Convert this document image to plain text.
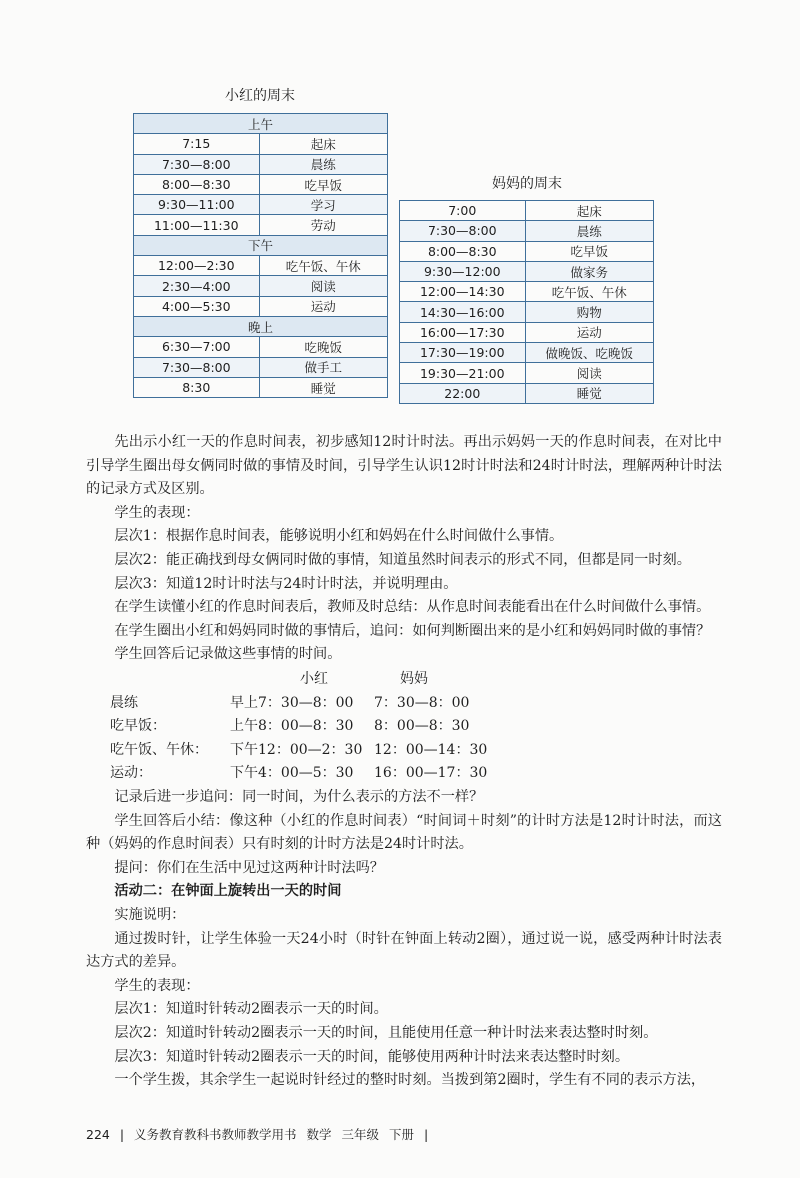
小红的周末
上午	
7:15	起床
7:30—8:00	晨练
8:00—8:30	吃早饭
9:30—11:00	学习
11:00—11:30	劳动
下午	
12:00—2:30	吃午饭、午休
2:30—4:00	阅读
4:00—5:30	运动
晚上	
6:30—7:00	吃晚饭
7:30—8:00	做手工
8:30	睡觉
妈妈的周末
7:00	起床
7:30—8:00	晨练
8:00—8:30	吃早饭
9:30—12:00	做家务
12:00—14:30	吃午饭、午休
14:30—16:00	购物
16:00—17:30	运动
17:30—19:00	做晚饭、吃晚饭
19:30—21:00	阅读
22:00	睡觉

先出示小红一天的作息时间表，初步感知12时计时法。再出示妈妈一天的作息时间表，在对比中引导学生圈出母女俩同时做的事情及时间，引导学生认识12时计时法和24时计时法，理解两种计时法的记录方式及区别。

学生的表现：

层次1：根据作息时间表，能够说明小红和妈妈在什么时间做什么事情。

层次2：能正确找到母女俩同时做的事情，知道虽然时间表示的形式不同，但都是同一时刻。

层次3：知道12时计时法与24时计时法，并说明理由。

在学生读懂小红的作息时间表后，教师及时总结：从作息时间表能看出在什么时间做什么事情。

在学生圈出小红和妈妈同时做的事情后，追问：如何判断圈出来的是小红和妈妈同时做的事情？

学生回答后记录做这些事情的时间。

小红	妈妈
晨练	早上7：30—8：00 7：30—8：00
吃早饭：	上午8：00—8：30 8：00—8：30
吃午饭、午休： 下午12：00—2：30 12：00—14：30
运动：	下午4：00—5：30 16：00—17：30

记录后进一步追问：同一时间，为什么表示的方法不一样？

学生回答后小结：像这种（小红的作息时间表）“时间词＋时刻”的计时方法是12时计时法，而这种（妈妈的作息时间表）只有时刻的计时方法是24时计时法。

提问：你们在生活中见过这两种计时法吗？

活动二：在钟面上旋转出一天的时间

实施说明：

通过拨时针，让学生体验一天24小时（时针在钟面上转动2圈），通过说一说，感受两种计时法表达方式的差异。

学生的表现：

层次1：知道时针转动2圈表示一天的时间。

层次2：知道时针转动2圈表示一天的时间，且能使用任意一种计时法来表达整时时刻。

层次3：知道时针转动2圈表示一天的时间，能够使用两种计时法来表达整时时刻。

一个学生拨，其余学生一起说时针经过的整时时刻。当拨到第2圈时，学生有不同的表示方法，

224 | 义务教育教科书教师教学用书 数学 三年级 下册 |
